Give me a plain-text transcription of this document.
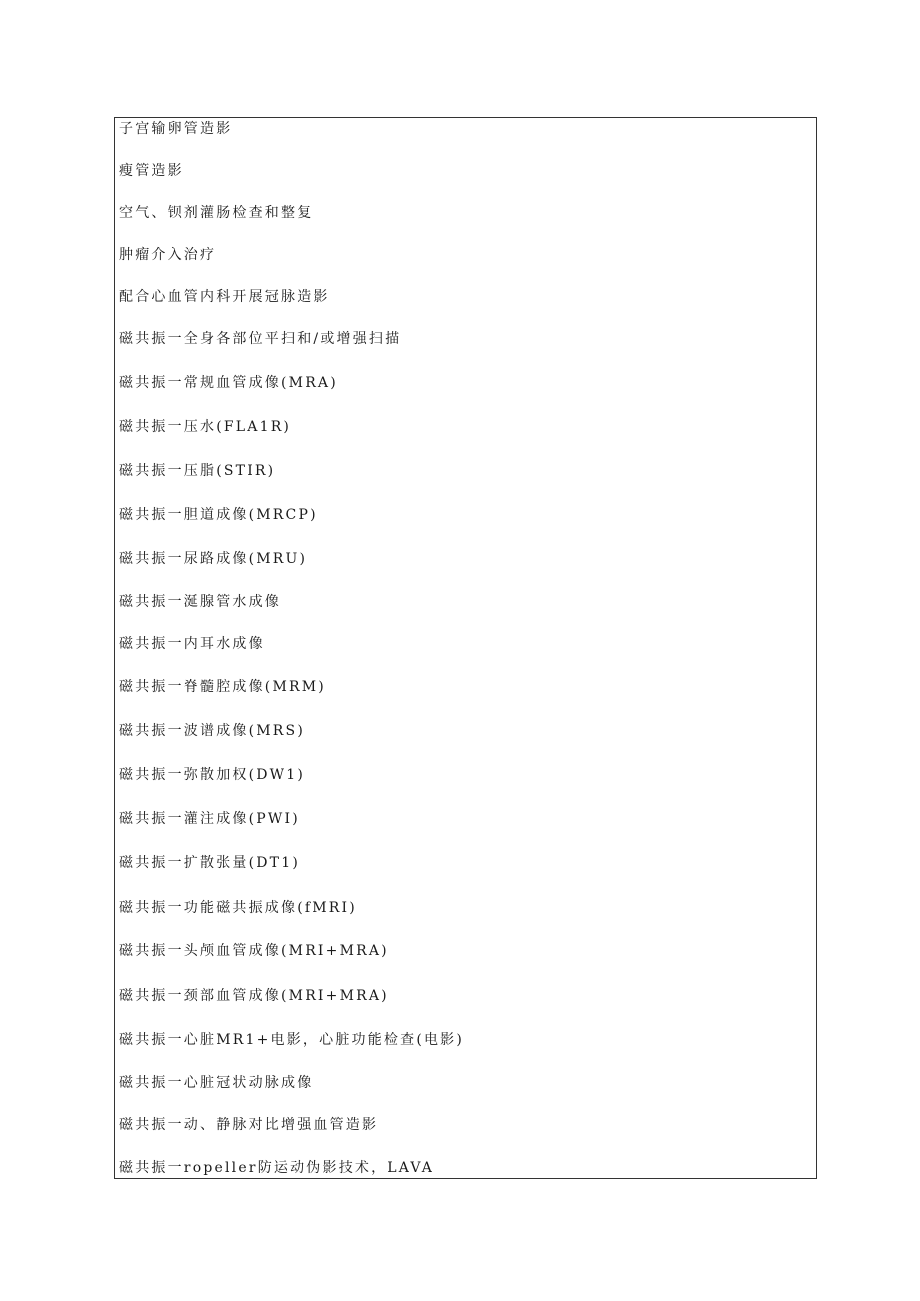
子宫输卵管造影
瘦管造影
空气、钡剂灌肠检查和整复
肿瘤介入治疗
配合心血管内科开展冠脉造影
磁共振一全身各部位平扫和/或增强扫描
磁共振一常规血管成像(MRA)
磁共振一压水(FLA1R)
磁共振一压脂(STIR)
磁共振一胆道成像(MRCP)
磁共振一尿路成像(MRU)
磁共振一涎腺管水成像
磁共振一内耳水成像
磁共振一脊髓腔成像(MRM)
磁共振一波谱成像(MRS)
磁共振一弥散加权(DW1)
磁共振一灌注成像(PWI)
磁共振一扩散张量(DT1)
磁共振一功能磁共振成像(fMRI)
磁共振一头颅血管成像(MRI+MRA)
磁共振一颈部血管成像(MRI+MRA)
磁共振一心脏MR1+电影，心脏功能检查(电影)
磁共振一心脏冠状动脉成像
磁共振一动、静脉对比增强血管造影
磁共振一ropeller防运动伪影技术，LAVA
